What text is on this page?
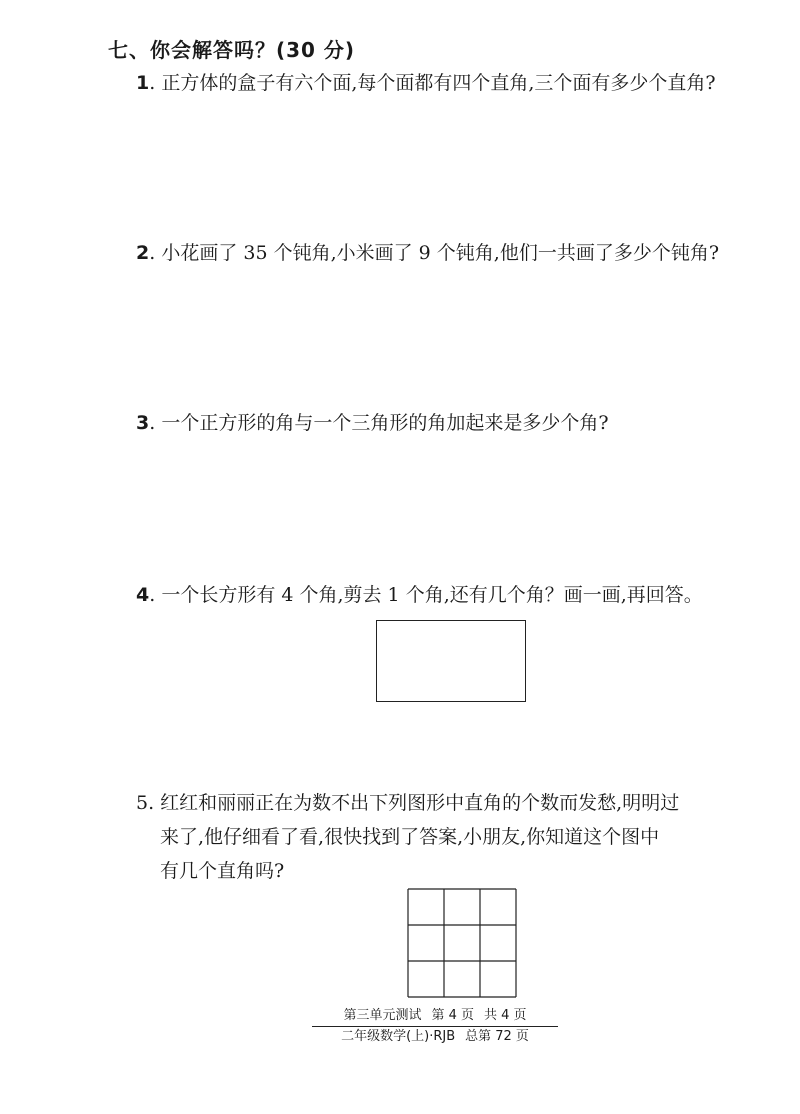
七、你会解答吗？(30 分)
1. 正方体的盒子有六个面,每个面都有四个直角,三个面有多少个直角?
2. 小花画了 35 个钝角,小米画了 9 个钝角,他们一共画了多少个钝角?
3. 一个正方形的角与一个三角形的角加起来是多少个角?
4. 一个长方形有 4 个角,剪去 1 个角,还有几个角？画一画,再回答。
5. 红红和丽丽正在为数不出下列图形中直角的个数而发愁,明明过
来了,他仔细看了看,很快找到了答案,小朋友,你知道这个图中
有几个直角吗?
第三单元测试 第 4 页 共 4 页
二年级数学(上)·RJB 总第 72 页
